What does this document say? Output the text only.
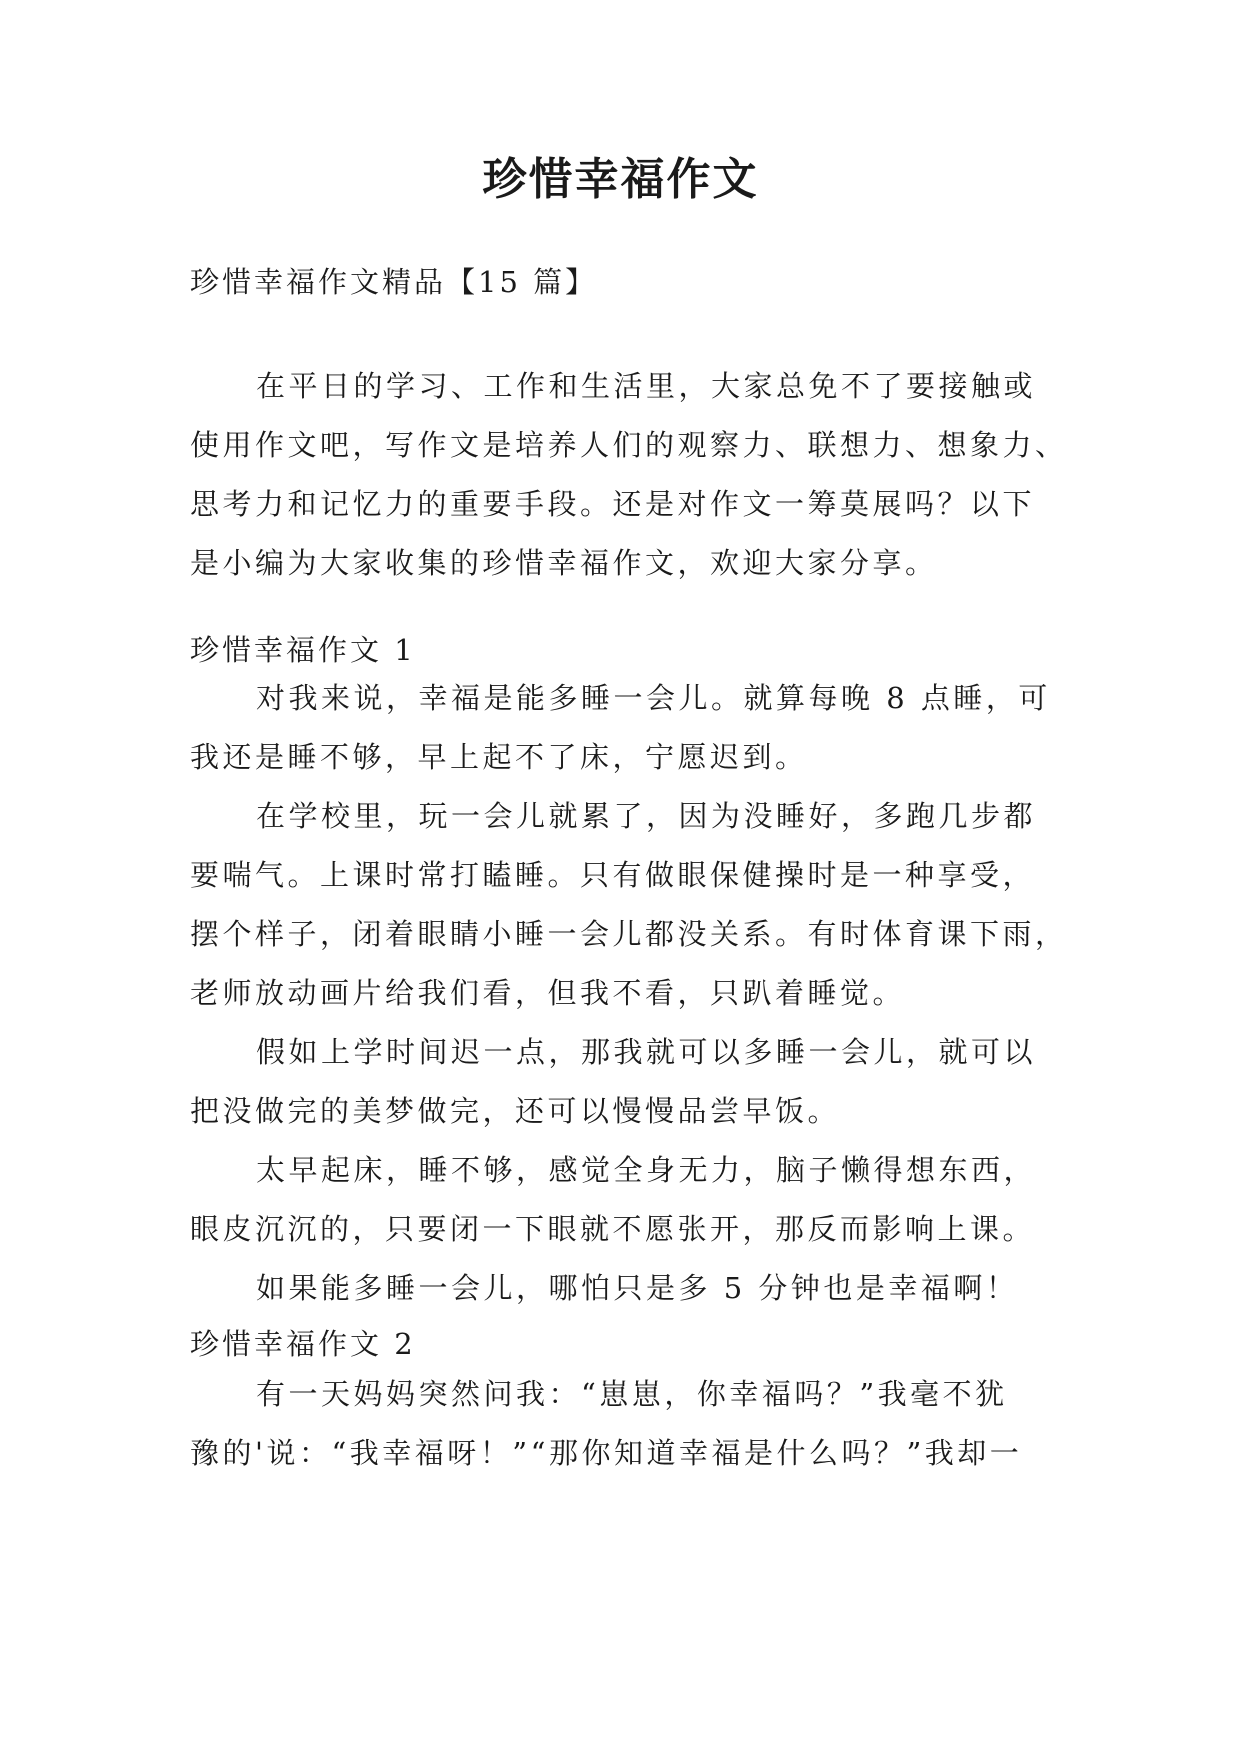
珍惜幸福作文

珍惜幸福作文精品【15 篇】

在平日的学习、工作和生活里，大家总免不了要接触或
使用作文吧，写作文是培养人们的观察力、联想力、想象力、
思考力和记忆力的重要手段。还是对作文一筹莫展吗？以下
是小编为大家收集的珍惜幸福作文，欢迎大家分享。

珍惜幸福作文 1

对我来说，幸福是能多睡一会儿。就算每晚 8 点睡，可
我还是睡不够，早上起不了床，宁愿迟到。

在学校里，玩一会儿就累了，因为没睡好，多跑几步都
要喘气。上课时常打瞌睡。只有做眼保健操时是一种享受，
摆个样子，闭着眼睛小睡一会儿都没关系。有时体育课下雨，
老师放动画片给我们看，但我不看，只趴着睡觉。

假如上学时间迟一点，那我就可以多睡一会儿，就可以
把没做完的美梦做完，还可以慢慢品尝早饭。

太早起床，睡不够，感觉全身无力，脑子懒得想东西，
眼皮沉沉的，只要闭一下眼就不愿张开，那反而影响上课。

如果能多睡一会儿，哪怕只是多 5 分钟也是幸福啊！

珍惜幸福作文 2

有一天妈妈突然问我：“崽崽，你幸福吗？”我毫不犹
豫的'说：“我幸福呀！”“那你知道幸福是什么吗？”我却一
